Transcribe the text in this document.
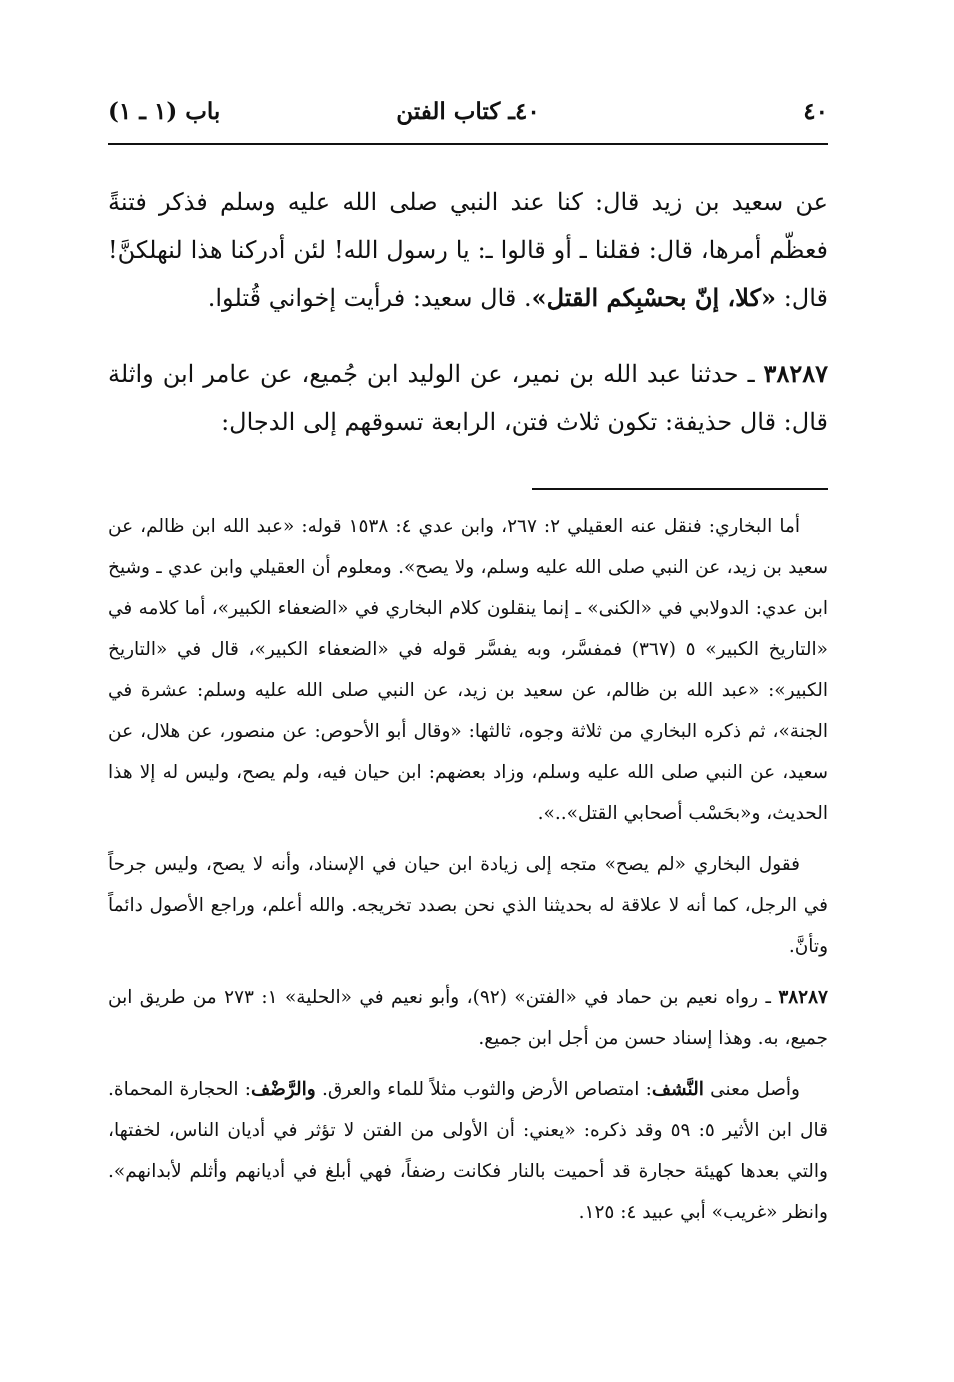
٤٠
٤٠ـ كتاب الفتن
باب (١ ـ ١)

عن سعيد بن زيد قال: كنا عند النبي صلى الله عليه وسلم فذكر فتنةً فعظّم أمرها، قال: فقلنا ـ أو قالوا ـ: يا رسول الله! لئن أدركنا هذا لنهلكنَّ! قال: «كلا، إنّ بحسْبِكم القتل». قال سعيد: فرأيت إخواني قُتلوا.

٣٨٢٨٧ ـ حدثنا عبد الله بن نمير، عن الوليد ابن جُميع، عن عامر ابن واثلة قال: قال حذيفة: تكون ثلاث فتن، الرابعة تسوقهم إلى الدجال:

أما البخاري: فنقل عنه العقيلي ٢: ٢٦٧، وابن عدي ٤: ١٥٣٨ قوله: «عبد الله ابن ظالم، عن سعيد بن زيد، عن النبي صلى الله عليه وسلم، ولا يصح». ومعلوم أن العقيلي وابن عدي ـ وشيخ ابن عدي: الدولابي في «الكنى» ـ إنما ينقلون كلام البخاري في «الضعفاء الكبير»، أما كلامه في «التاريخ الكبير» ٥ (٣٦٧) فمفسَّر، وبه يفسَّر قوله في «الضعفاء الكبير»، قال في «التاريخ الكبير»: «عبد الله بن ظالم، عن سعيد بن زيد، عن النبي صلى الله عليه وسلم: عشرة في الجنة»، ثم ذكره البخاري من ثلاثة وجوه، ثالثها: «وقال أبو الأحوص: عن منصور، عن هلال، عن سعيد، عن النبي صلى الله عليه وسلم، وزاد بعضهم: ابن حيان فيه، ولم يصح، وليس له إلا هذا الحديث، و«بحَسْب أصحابي القتل»..».

فقول البخاري «لم يصح» متجه إلى زيادة ابن حيان في الإسناد، وأنه لا يصح، وليس جرحاً في الرجل، كما أنه لا علاقة له بحديثنا الذي نحن بصدد تخريجه. والله أعلم، وراجع الأصول دائماً وتأنَّ.

٣٨٢٨٧ ـ رواه نعيم بن حماد في «الفتن» (٩٢)، وأبو نعيم في «الحلية» ١: ٢٧٣ من طريق ابن جميع، به. وهذا إسناد حسن من أجل ابن جميع.

وأصل معنى النَّشف: امتصاص الأرض والثوب مثلاً للماء والعرق. والرَّضْف: الحجارة المحماة. قال ابن الأثير ٥: ٥٩ وقد ذكره: «يعني: أن الأولى من الفتن لا تؤثر في أديان الناس، لخفتها، والتي بعدها كهيئة حجارة قد أحميت بالنار فكانت رضفاً، فهي أبلغ في أديانهم وأثلم لأبدانهم». وانظر «غريب» أبي عبيد ٤: ١٢٥.
